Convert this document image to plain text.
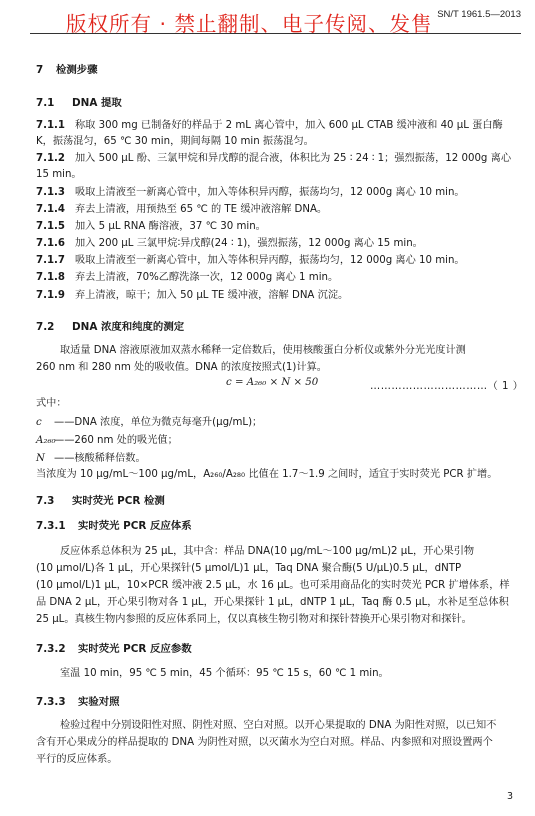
版权所有 · 禁止翻制、电子传阅、发售 SN/T 1961.5—2013
7 检测步骤
7.1 DNA 提取
7.1.1 称取 300 mg 已制备好的样品于 2 mL 离心管中，加入 600 μL CTAB 缓冲液和 40 μL 蛋白酶
K，振荡混匀，65 ℃ 30 min，期间每隔 10 min 振荡混匀。
7.1.2 加入 500 μL 酚、三氯甲烷和异戊醇的混合液，体积比为 25 ∶ 24 ∶ 1；强烈振荡，12 000g 离心
15 min。
7.1.3 吸取上清液至一新离心管中，加入等体积异丙醇，振荡均匀，12 000g 离心 10 min。
7.1.4 弃去上清液，用预热至 65 ℃ 的 TE 缓冲液溶解 DNA。
7.1.5 加入 5 μL RNA 酶溶液，37 ℃ 30 min。
7.1.6 加入 200 μL 三氯甲烷∶异戊醇(24 ∶ 1)，强烈振荡，12 000g 离心 15 min。
7.1.7 吸取上清液至一新离心管中，加入等体积异丙醇，振荡均匀，12 000g 离心 10 min。
7.1.8 弃去上清液，70%乙醇洗涤一次，12 000g 离心 1 min。
7.1.9 弃上清液，晾干；加入 50 μL TE 缓冲液，溶解 DNA 沉淀。
7.2 DNA 浓度和纯度的测定
取适量 DNA 溶液原液加双蒸水稀释一定倍数后，使用核酸蛋白分析仪或紫外分光光度计测
260 nm 和 280 nm 处的吸收值。DNA 的浓度按照式(1)计算。
c = A₂₆₀ × N × 50	……………………………（ 1 ）
式中：
c ——DNA 浓度，单位为微克每毫升(μg/mL)；
A₂₆₀——260 nm 处的吸光值；
N ——核酸稀释倍数。
当浓度为 10 μg/mL～100 μg/mL，A₂₆₀/A₂₈₀ 比值在 1.7～1.9 之间时，适宜于实时荧光 PCR 扩增。
7.3 实时荧光 PCR 检测
7.3.1 实时荧光 PCR 反应体系
反应体系总体积为 25 μL，其中含：样品 DNA(10 μg/mL～100 μg/mL)2 μL，开心果引物
(10 μmol/L)各 1 μL，开心果探针(5 μmol/L)1 μL，Taq DNA 聚合酶(5 U/μL)0.5 μL，dNTP
(10 μmol/L)1 μL，10×PCR 缓冲液 2.5 μL，水 16 μL。也可采用商品化的实时荧光 PCR 扩增体系，样
品 DNA 2 μL，开心果引物对各 1 μL，开心果探针 1 μL，dNTP 1 μL，Taq 酶 0.5 μL，水补足至总体积
25 μL。真核生物内参照的反应体系同上，仅以真核生物引物对和探针替换开心果引物对和探针。
7.3.2 实时荧光 PCR 反应参数
室温 10 min，95 ℃ 5 min，45 个循环：95 ℃ 15 s，60 ℃ 1 min。
7.3.3 实验对照
检验过程中分别设阳性对照、阴性对照、空白对照。以开心果提取的 DNA 为阳性对照，以已知不
含有开心果成分的样品提取的 DNA 为阴性对照，以灭菌水为空白对照。样品、内参照和对照设置两个
平行的反应体系。
3
